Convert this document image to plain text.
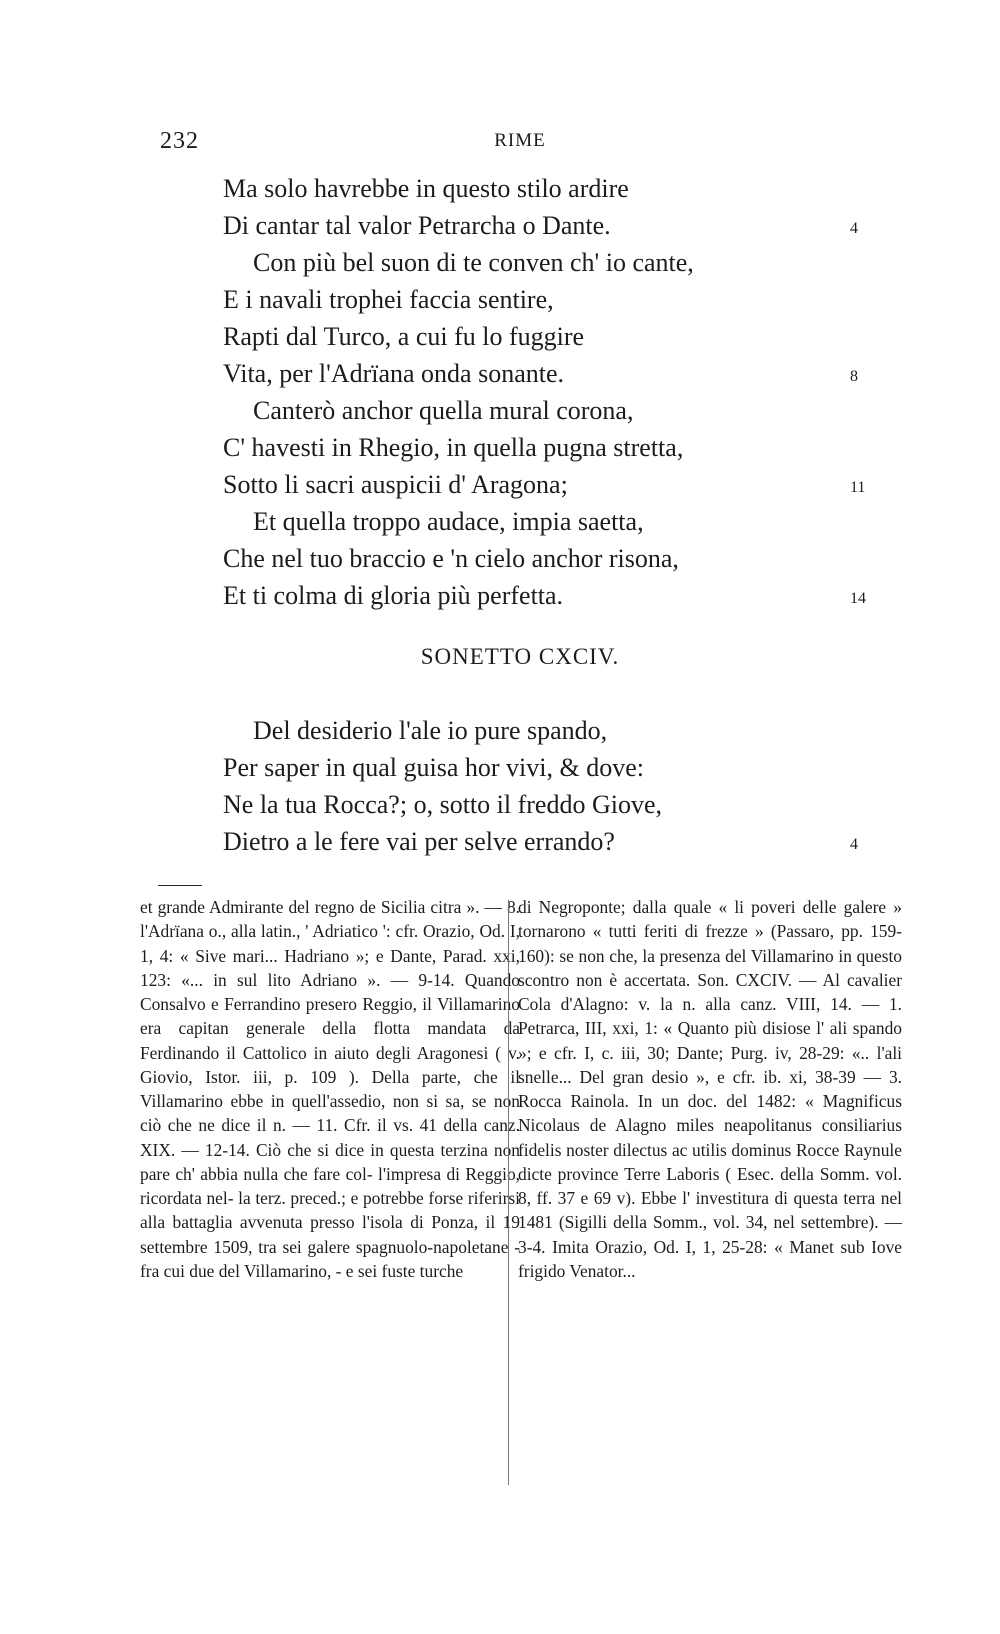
232	RIME
Ma solo havrebbe in questo stilo ardire
Di cantar tal valor Petrarcha o Dante.	4
Con più bel suon di te conven ch' io cante,
E i navali trophei faccia sentire,
Rapti dal Turco, a cui fu lo fuggire
Vita, per l'Adrïana onda sonante.	8
Canterò anchor quella mural corona,
C' havesti in Rhegio, in quella pugna stretta,
Sotto li sacri auspicii d' Aragona;	11
Et quella troppo audace, impia saetta,
Che nel tuo braccio e 'n cielo anchor risona,
Et ti colma di gloria più perfetta.	14
SONETTO CXCIV.
Del desiderio l'ale io pure spando,
Per saper in qual guisa hor vivi, & dove:
Ne la tua Rocca?; o, sotto il freddo Giove,
Dietro a le fere vai per selve errando?	4

et grande Admirante del regno de Sicilia citra ». — 8. l'Adrïana o., alla latin., ' Adriatico ': cfr. Orazio, Od. I, 1, 4: « Sive mari... Hadriano »; e Dante, Parad. xxi, 123: «... in sul lito Adriano ». — 9-14. Quando Consalvo e Ferrandino presero Reggio, il Villamarino era capitan generale della flotta mandata da Ferdinando il Cattolico in aiuto degli Aragonesi ( v. Giovio, Istor. iii, p. 109 ). Della parte, che il Villamarino ebbe in quell'assedio, non si sa, se non ciò che ne dice il n. — 11. Cfr. il vs. 41 della canz. XIX. — 12-14. Ciò che si dice in questa terzina non pare ch' abbia nulla che fare col- l'impresa di Reggio, ricordata nel- la terz. preced.; e potrebbe forse riferirsi alla battaglia avvenuta presso l'isola di Ponza, il 19 settembre 1509, tra sei galere spagnuolo-napoletane - fra cui due del Villamarino, - e sei fuste turche

di Negroponte; dalla quale « li poveri delle galere » tornarono « tutti feriti di frezze » (Passaro, pp. 159-160): se non che, la presenza del Villamarino in questo scontro non è accertata. Son. CXCIV. — Al cavalier Cola d'Alagno: v. la n. alla canz. VIII, 14. — 1. Petrarca, III, xxi, 1: « Quanto più disiose l' ali spando »; e cfr. I, c. iii, 30; Dante; Purg. iv, 28-29: «.. l'ali snelle... Del gran desio », e cfr. ib. xi, 38-39 — 3. Rocca Rainola. In un doc. del 1482: « Magnificus Nicolaus de Alagno miles neapolitanus consiliarius fidelis noster dilectus ac utilis dominus Rocce Raynule dicte province Terre Laboris ( Esec. della Somm. vol. 8, ff. 37 e 69 v). Ebbe l' investitura di questa terra nel 1481 (Sigilli della Somm., vol. 34, nel settembre). — 3-4. Imita Orazio, Od. I, 1, 25-28: « Manet sub Iove frigido Venator...
